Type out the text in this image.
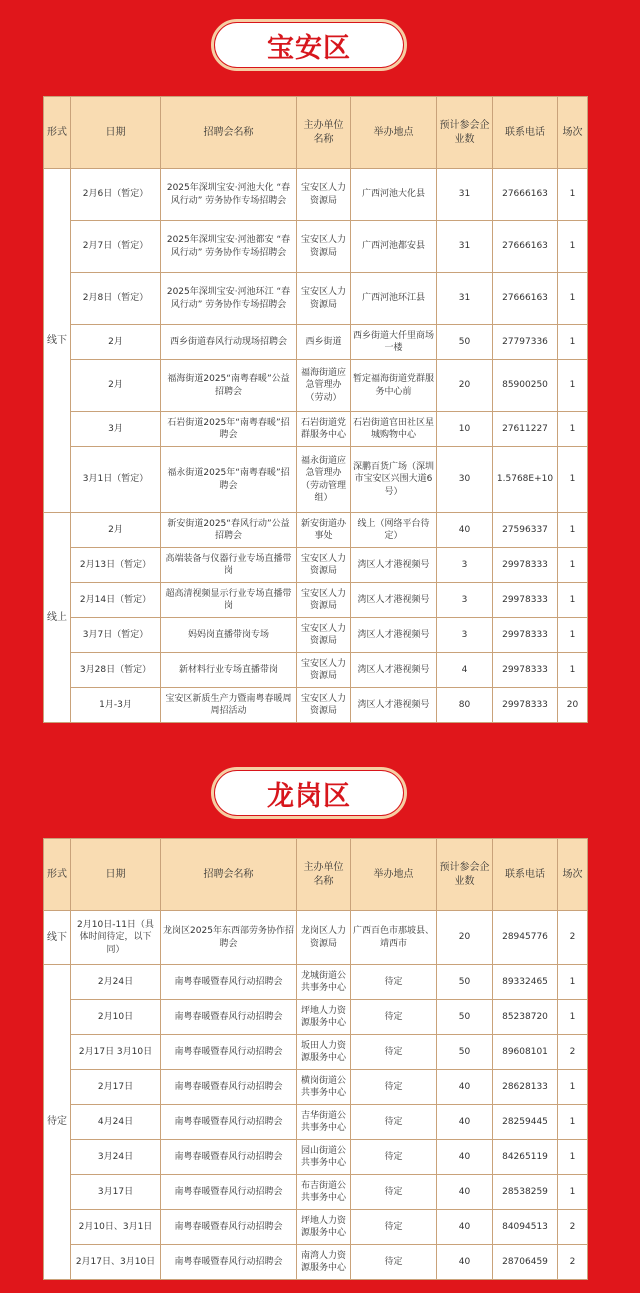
宝安区
形式	日期	招聘会名称	主办单位名称	举办地点	预计参会企业数	联系电话	场次
线下	2月6日（暂定）	2025年深圳宝安·河池大化 “春风行动” 劳务协作专场招聘会	宝安区人力资源局	广西河池大化县	31	27666163	1
	2月7日（暂定）	2025年深圳宝安·河池都安 “春风行动” 劳务协作专场招聘会	宝安区人力资源局	广西河池都安县	31	27666163	1
	2月8日（暂定）	2025年深圳宝安·河池环江 “春风行动” 劳务协作专场招聘会	宝安区人力资源局	广西河池环江县	31	27666163	1
	2月	西乡街道春风行动现场招聘会	西乡街道	西乡街道大仟里商场一楼	50	27797336	1
	2月	福海街道2025“南粤春暖”公益招聘会	福海街道应急管理办（劳动）	暂定福海街道党群服务中心前	20	85900250	1
	3月	石岩街道2025年“南粤春暖”招聘会	石岩街道党群服务中心	石岩街道官田社区星城购物中心	10	27611227	1
	3月1日（暂定）	福永街道2025年“南粤春暖”招聘会	福永街道应急管理办（劳动管理组）	深鹏百货广场（深圳市宝安区兴围大道6号）	30	1.5768E+10	1
线上	2月	新安街道2025“春风行动”公益招聘会	新安街道办事处	线上（网络平台待定）	40	27596337	1
	2月13日（暂定）	高端装备与仪器行业专场直播带岗	宝安区人力资源局	湾区人才港视频号	3	29978333	1
	2月14日（暂定）	超高清视频显示行业专场直播带岗	宝安区人力资源局	湾区人才港视频号	3	29978333	1
	3月7日（暂定）	妈妈岗直播带岗专场	宝安区人力资源局	湾区人才港视频号	3	29978333	1
	3月28日（暂定）	新材料行业专场直播带岗	宝安区人力资源局	湾区人才港视频号	4	29978333	1
	1月-3月	宝安区新质生产力暨南粤春暖周周招活动	宝安区人力资源局	湾区人才港视频号	80	29978333	20
龙岗区
形式	日期	招聘会名称	主办单位名称	举办地点	预计参会企业数	联系电话	场次
线下	2月10日-11日（具体时间待定，以下同）	龙岗区2025年东西部劳务协作招聘会	龙岗区人力资源局	广西百色市那坡县、靖西市	20	28945776	2
待定	2月24日	南粤春暖暨春风行动招聘会	龙城街道公共事务中心	待定	50	89332465	1
	2月10日	南粤春暖暨春风行动招聘会	坪地人力资源服务中心	待定	50	85238720	1
	2月17日 3月10日	南粤春暖暨春风行动招聘会	坂田人力资源服务中心	待定	50	89608101	2
	2月17日	南粤春暖暨春风行动招聘会	横岗街道公共事务中心	待定	40	28628133	1
	4月24日	南粤春暖暨春风行动招聘会	吉华街道公共事务中心	待定	40	28259445	1
	3月24日	南粤春暖暨春风行动招聘会	园山街道公共事务中心	待定	40	84265119	1
	3月17日	南粤春暖暨春风行动招聘会	布吉街道公共事务中心	待定	40	28538259	1
	2月10日、3月1日	南粤春暖暨春风行动招聘会	坪地人力资源服务中心	待定	40	84094513	2
	2月17日、3月10日	南粤春暖暨春风行动招聘会	南湾人力资源服务中心	待定	40	28706459	2
